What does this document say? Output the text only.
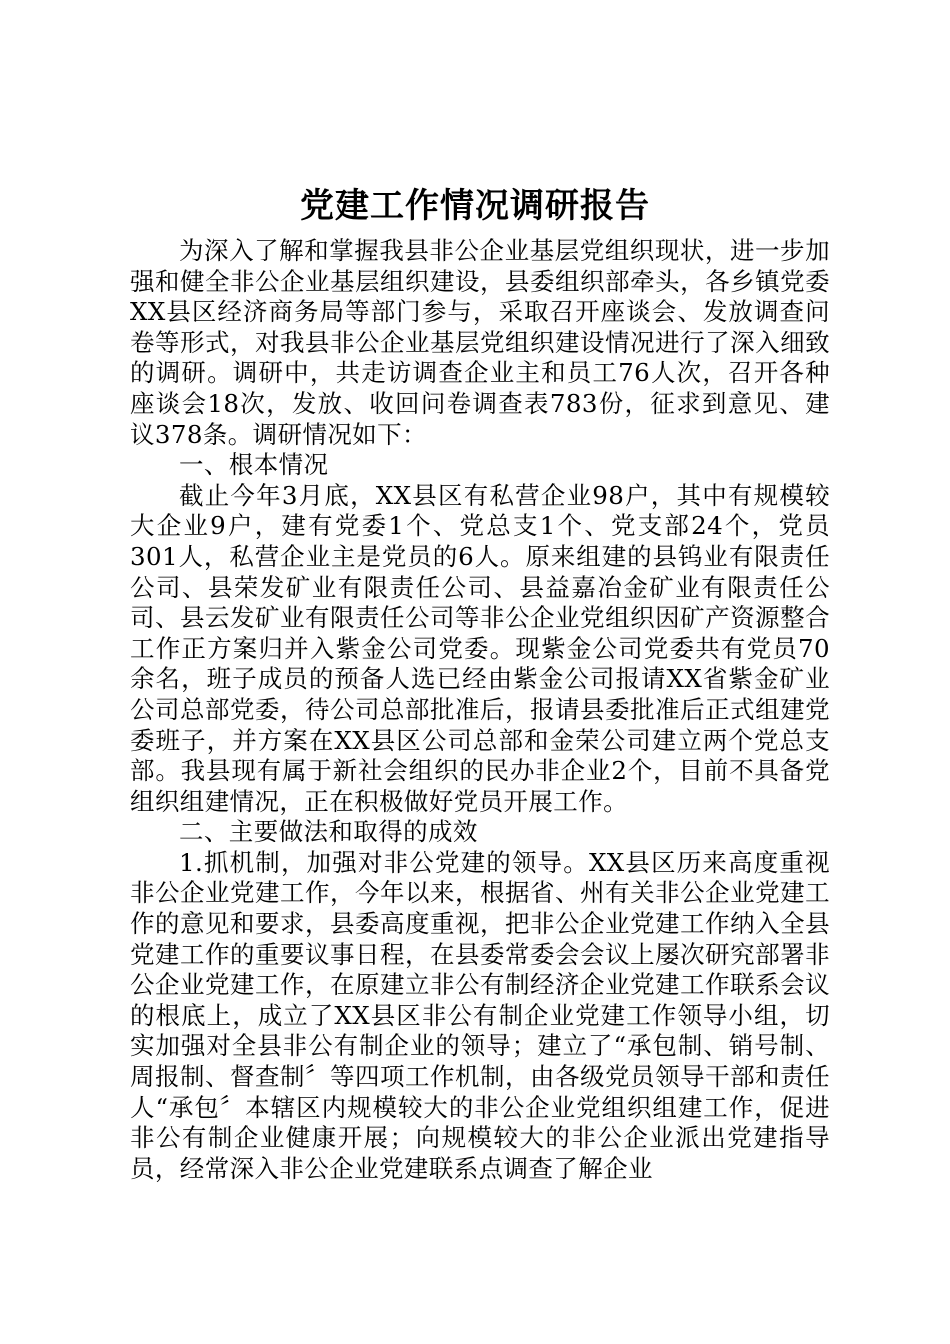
党建工作情况调研报告

为深入了解和掌握我县非公企业基层党组织现状，进一步加强和健全非公企业基层组织建设，县委组织部牵头，各乡镇党委XX县区经济商务局等部门参与，采取召开座谈会、发放调查问卷等形式，对我县非公企业基层党组织建设情况进行了深入细致的调研。调研中，共走访调查企业主和员工76人次，召开各种座谈会18次，发放、收回问卷调查表783份，征求到意见、建议378条。调研情况如下：

一、根本情况

截止今年3月底，XX县区有私营企业98户，其中有规模较大企业9户，建有党委1个、党总支1个、党支部24个，党员301人，私营企业主是党员的6人。原来组建的县钨业有限责任公司、县荣发矿业有限责任公司、县益嘉冶金矿业有限责任公司、县云发矿业有限责任公司等非公企业党组织因矿产资源整合工作正方案归并入紫金公司党委。现紫金公司党委共有党员70余名，班子成员的预备人选已经由紫金公司报请XX省紫金矿业公司总部党委，待公司总部批准后，报请县委批准后正式组建党委班子，并方案在XX县区公司总部和金荣公司建立两个党总支部。我县现有属于新社会组织的民办非企业2个，目前不具备党组织组建情况，正在积极做好党员开展工作。

二、主要做法和取得的成效

1.抓机制，加强对非公党建的领导。XX县区历来高度重视非公企业党建工作，今年以来，根据省、州有关非公企业党建工作的意见和要求，县委高度重视，把非公企业党建工作纳入全县党建工作的重要议事日程，在县委常委会会议上屡次研究部署非公企业党建工作，在原建立非公有制经济企业党建工作联系会议的根底上，成立了XX县区非公有制企业党建工作领导小组，切实加强对全县非公有制企业的领导；建立了“承包制、销号制、周报制、督查制〞等四项工作机制，由各级党员领导干部和责任人“承包〞本辖区内规模较大的非公企业党组织组建工作，促进非公有制企业健康开展；向规模较大的非公企业派出党建指导员，经常深入非公企业党建联系点调查了解企业
